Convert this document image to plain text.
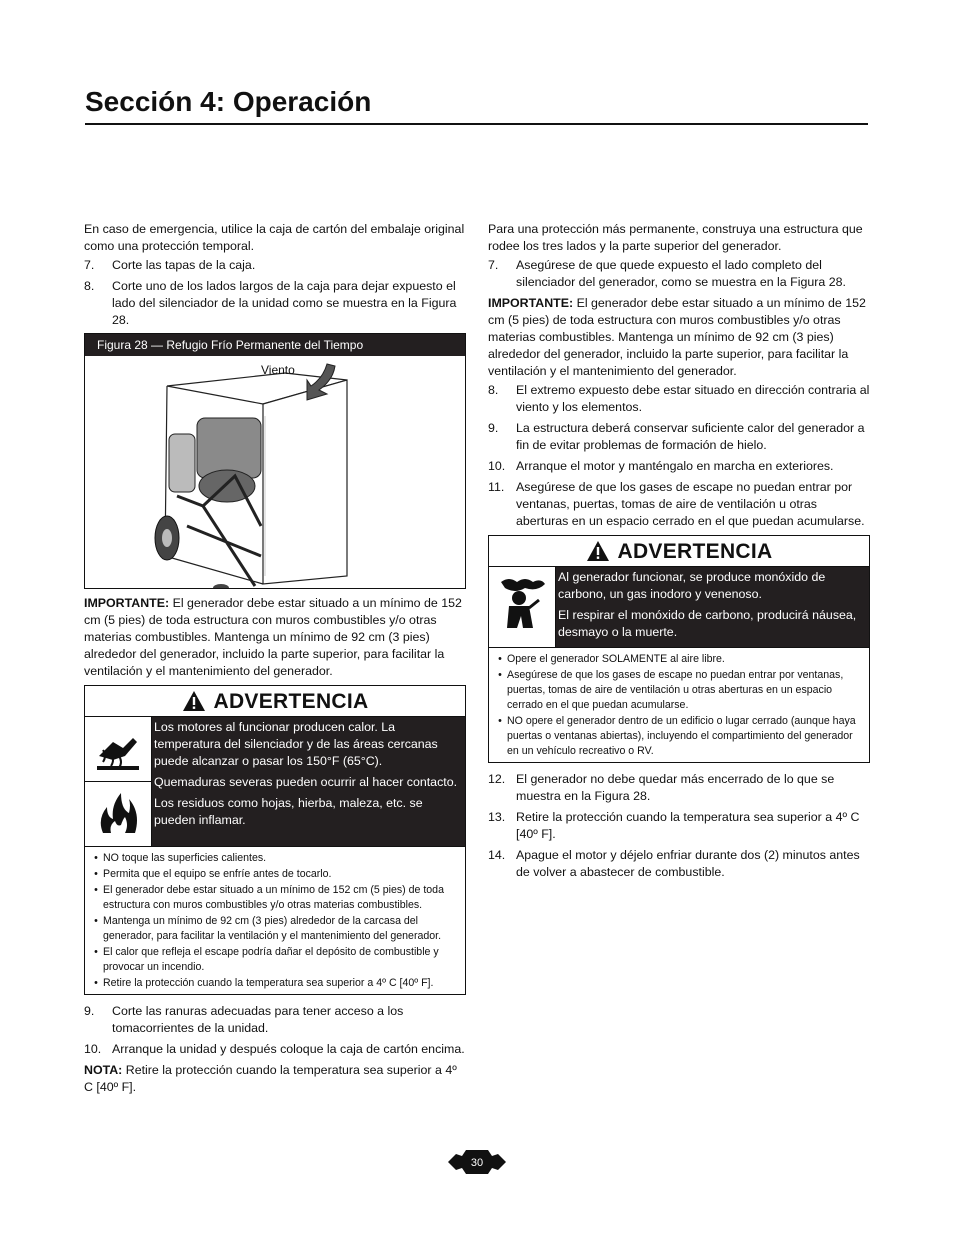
Sección 4: Operación

En caso de emergencia, utilice la caja de cartón del embalaje original como una protección temporal.

7.	Corte las tapas de la caja.
8.	Corte uno de los lados largos de la caja para dejar expuesto el lado del silenciador de la unidad como se muestra en la Figura 28.
Figura 28 — Refugio Frío Permanente del Tiempo
Viento

IMPORTANTE: El generador debe estar situado a un mínimo de 152 cm (5 pies) de toda estructura con muros combustibles y/o otras materias combustibles. Mantenga un mínimo de 92 cm (3 pies) alrededor del generador, incluido la parte superior, para facilitar la ventilación y el mantenimiento del generador.

ADVERTENCIA

Los motores al funcionar producen calor. La temperatura del silenciador y de las áreas cercanas puede alcanzar o pasar los 150°F (65°C).

Quemaduras severas pueden ocurrir al hacer contacto.

Los residuos como hojas, hierba, maleza, etc. se pueden inflamar.

• NO toque las superficies calientes.
• Permita que el equipo se enfríe antes de tocarlo.
• El generador debe estar situado a un mínimo de 152 cm (5 pies) de toda estructura con muros combustibles y/o otras materias combustibles.
• Mantenga un mínimo de 92 cm (3 pies) alrededor de la carcasa del generador, para facilitar la ventilación y el mantenimiento del generador.
• El calor que refleja el escape podría dañar el depósito de combustible y provocar un incendio.
• Retire la protección cuando la temperatura sea superior a 4º C [40º F].
9.	Corte las ranuras adecuadas para tener acceso a los tomacorrientes de la unidad.
10. Arranque la unidad y después coloque la caja de cartón encima.

NOTA: Retire la protección cuando la temperatura sea superior a 4º C [40º F].

Para una protección más permanente, construya una estructura que rodee los tres lados y la parte superior del generador.

7.	Asegúrese de que quede expuesto el lado completo del silenciador del generador, como se muestra en la Figura 28.

IMPORTANTE: El generador debe estar situado a un mínimo de 152 cm (5 pies) de toda estructura con muros combustibles y/o otras materias combustibles. Mantenga un mínimo de 92 cm (3 pies) alrededor del generador, incluido la parte superior, para facilitar la ventilación y el mantenimiento del generador.

8.	El extremo expuesto debe estar situado en dirección contraria al viento y los elementos.
9.	La estructura deberá conservar suficiente calor del generador a fin de evitar problemas de formación de hielo.
10. Arranque el motor y manténgalo en marcha en exteriores.
11. Asegúrese de que los gases de escape no puedan entrar por ventanas, puertas, tomas de aire de ventilación u otras aberturas en un espacio cerrado en el que puedan acumularse.
ADVERTENCIA

Al generador funcionar, se produce monóxido de carbono, un gas inodoro y venenoso.

El respirar el monóxido de carbono, producirá náusea, desmayo o la muerte.

• Opere el generador SOLAMENTE al aire libre.
• Asegúrese de que los gases de escape no puedan entrar por ventanas, puertas, tomas de aire de ventilación u otras aberturas en un espacio cerrado en el que puedan acumularse.
• NO opere el generador dentro de un edificio o lugar cerrado (aunque haya puertas o ventanas abiertas), incluyendo el compartimiento del generador en un vehículo recreativo o RV.
12. El generador no debe quedar más encerrado de lo que se muestra en la Figura 28.
13. Retire la protección cuando la temperatura sea superior a 4º C [40º F].
14. Apague el motor y déjelo enfriar durante dos (2) minutos antes de volver a abastecer de combustible.
30
